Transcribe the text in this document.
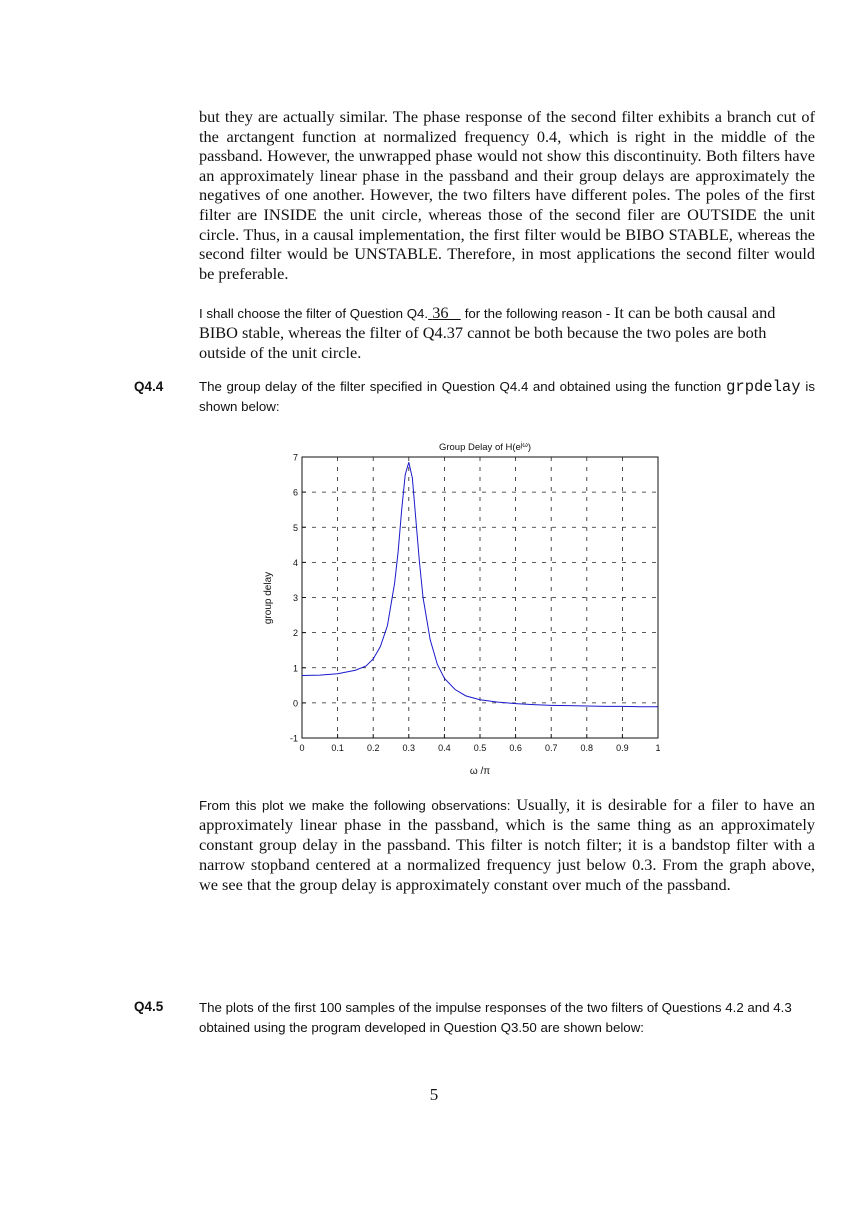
but they are actually similar. The phase response of the second filter exhibits a branch cut of the arctangent function at normalized frequency 0.4, which is right in the middle of the passband. However, the unwrapped phase would not show this discontinuity. Both filters have an approximately linear phase in the passband and their group delays are approximately the negatives of one another. However, the two filters have different poles. The poles of the first filter are INSIDE the unit circle, whereas those of the second filer are OUTSIDE the unit circle. Thus, in a causal implementation, the first filter would be BIBO STABLE, whereas the second filter would be UNSTABLE. Therefore, in most applications the second filter would be preferable.
I shall choose the filter of Question Q4. 36 for the following reason - It can be both causal and BIBO stable, whereas the filter of Q4.37 cannot be both because the two poles are both outside of the unit circle.
Q4.4	The group delay of the filter specified in Question Q4.4 and obtained using the function grpdelay is shown below:
Group Delay of $H(e^{j\omega})$
0	0.1	0.2	0.3	0.4	0.5	0.6	0.7	0.8	0.9	1
-1
0
1
2
3
4
5
6
7
ω /π
group delay
From this plot we make the following observations: Usually, it is desirable for a filer to have an approximately linear phase in the passband, which is the same thing as an approximately constant group delay in the passband. This filter is notch filter; it is a bandstop filter with a narrow stopband centered at a normalized frequency just below 0.3. From the graph above, we see that the group delay is approximately constant over much of the passband.
Q4.5	The plots of the first 100 samples of the impulse responses of the two filters of Questions 4.2 and 4.3 obtained using the program developed in Question Q3.50 are shown below:
5
